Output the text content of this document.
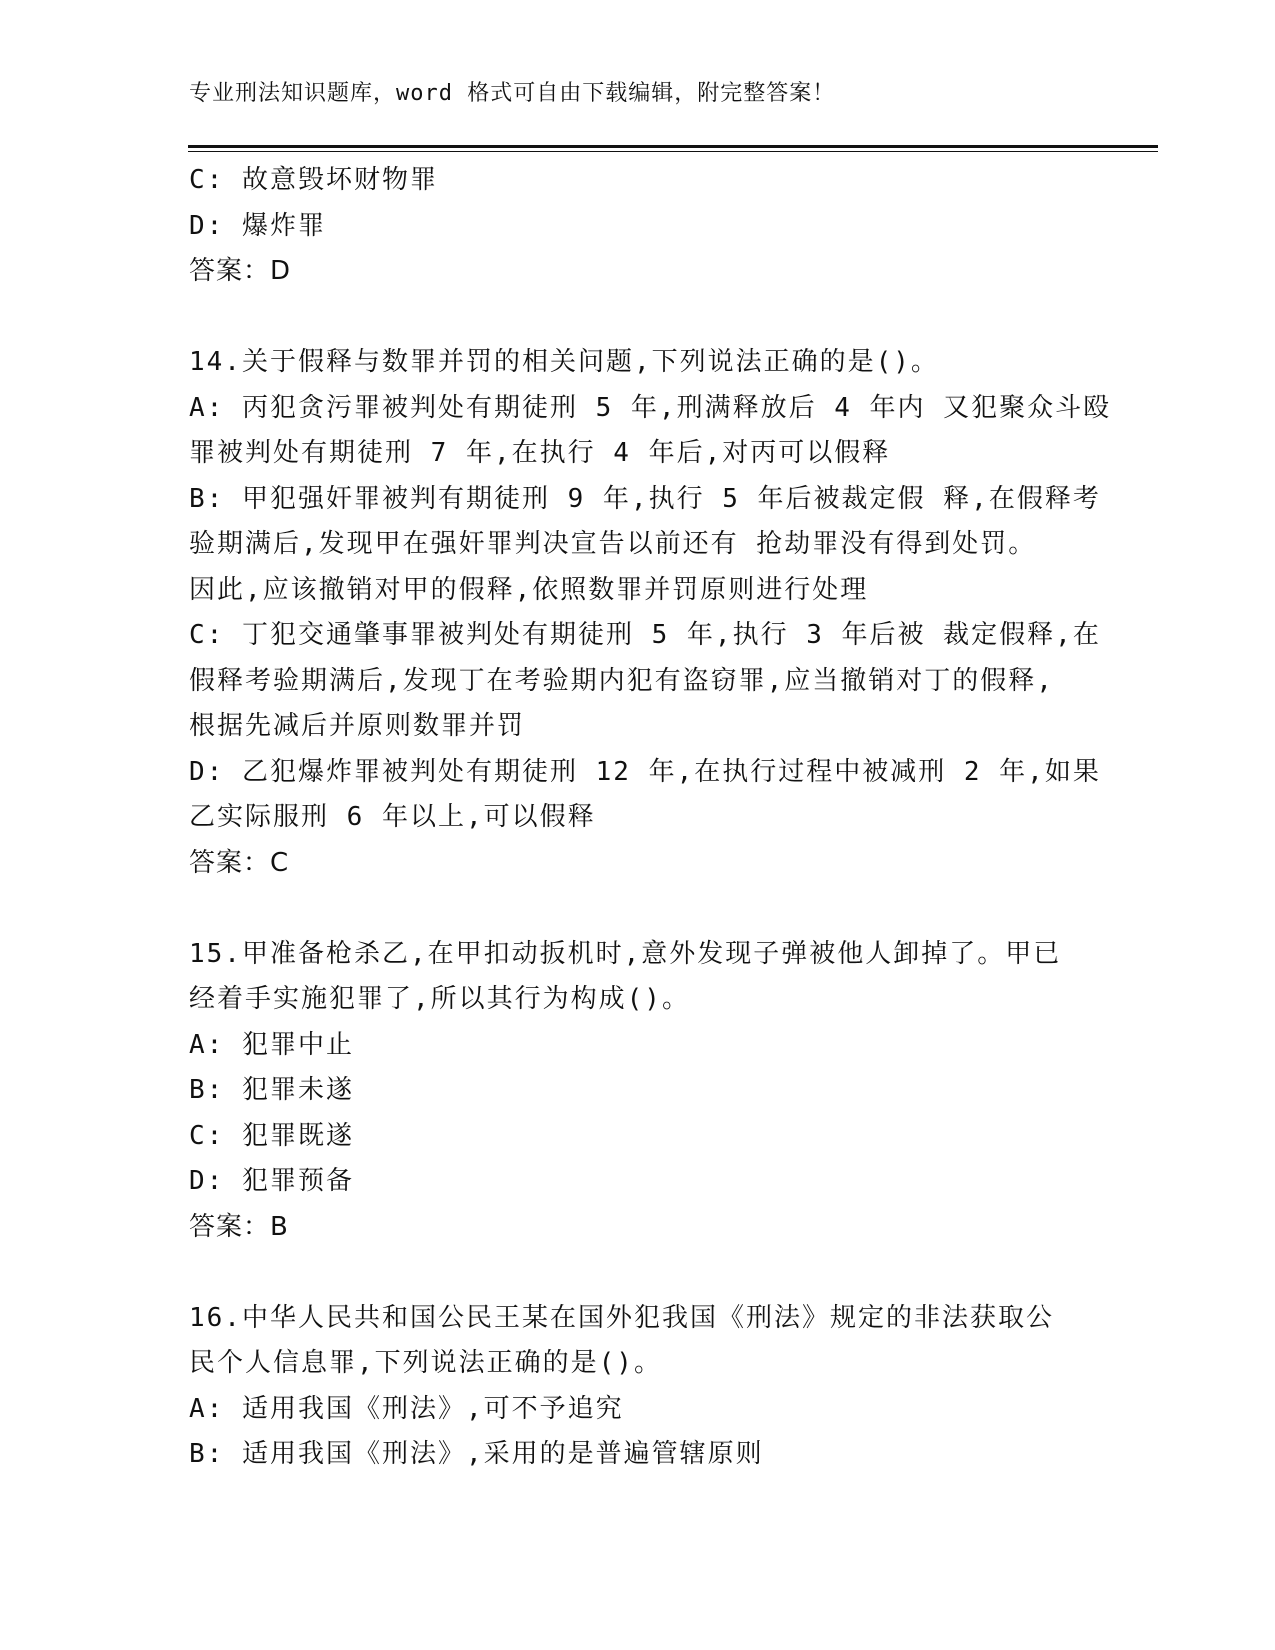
专业刑法知识题库，word 格式可自由下载编辑，附完整答案！
C: 故意毁坏财物罪
D: 爆炸罪
答案：D
14.关于假释与数罪并罚的相关问题,下列说法正确的是()。
A: 丙犯贪污罪被判处有期徒刑 5 年,刑满释放后 4 年内 又犯聚众斗殴
罪被判处有期徒刑 7 年,在执行 4 年后,对丙可以假释
B: 甲犯强奸罪被判有期徒刑 9 年,执行 5 年后被裁定假 释,在假释考
验期满后,发现甲在强奸罪判决宣告以前还有 抢劫罪没有得到处罚。
因此,应该撤销对甲的假释,依照数罪并罚原则进行处理
C: 丁犯交通肇事罪被判处有期徒刑 5 年,执行 3 年后被 裁定假释,在
假释考验期满后,发现丁在考验期内犯有盗窃罪,应当撤销对丁的假释,
根据先减后并原则数罪并罚
D: 乙犯爆炸罪被判处有期徒刑 12 年,在执行过程中被减刑 2 年,如果
乙实际服刑 6 年以上,可以假释
答案：C
15.甲准备枪杀乙,在甲扣动扳机时,意外发现子弹被他人卸掉了。甲已
经着手实施犯罪了,所以其行为构成()。
A: 犯罪中止
B: 犯罪未遂
C: 犯罪既遂
D: 犯罪预备
答案：B
16.中华人民共和国公民王某在国外犯我国《刑法》规定的非法获取公
民个人信息罪,下列说法正确的是()。
A: 适用我国《刑法》,可不予追究
B: 适用我国《刑法》,采用的是普遍管辖原则
